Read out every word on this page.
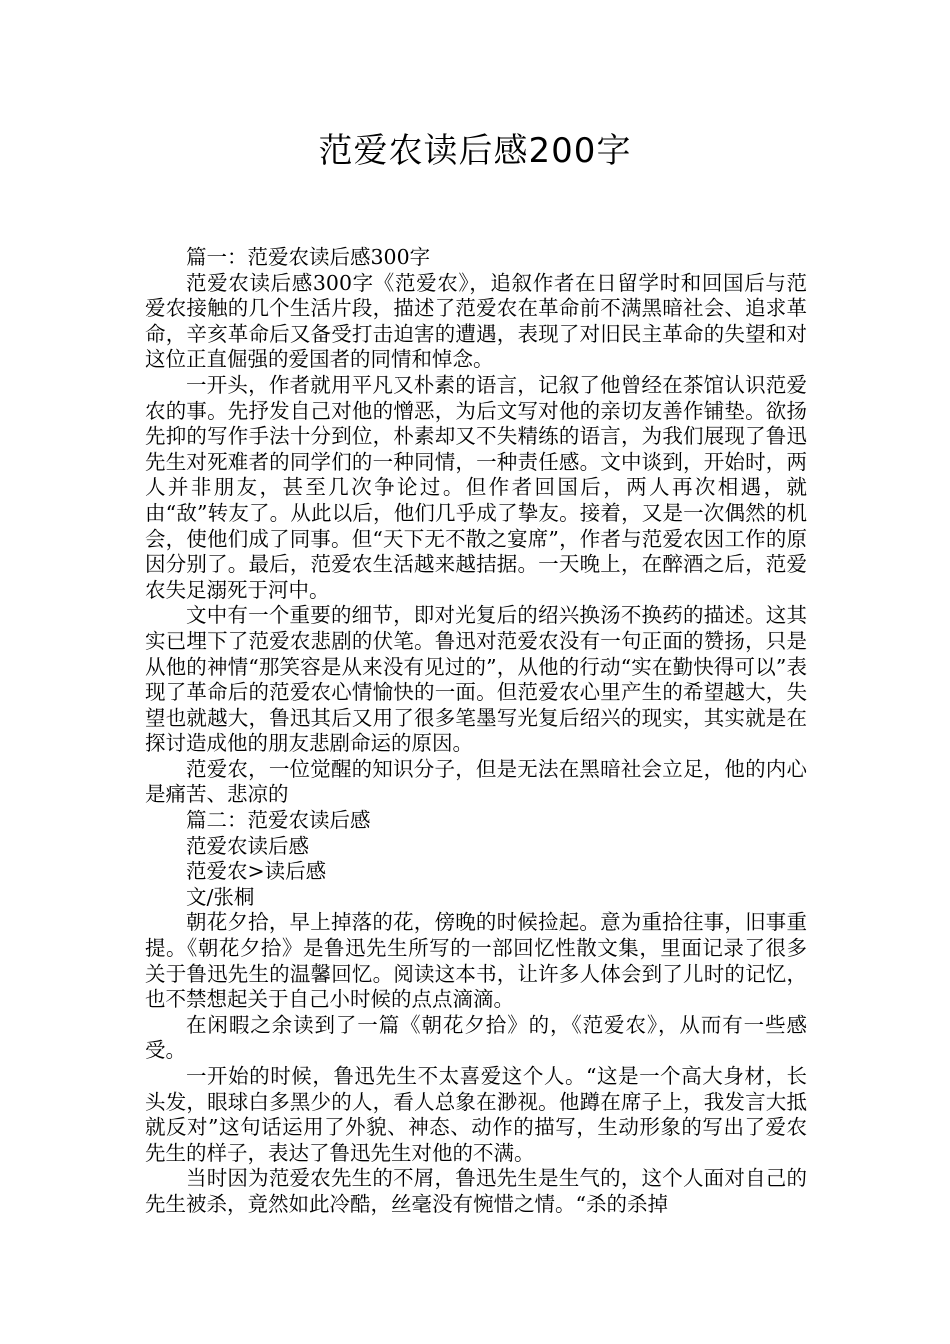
范爱农读后感200字

篇一：范爱农读后感300字

范爱农读后感300字《范爱农》，追叙作者在日留学时和回国后与范爱农接触的几个生活片段，描述了范爱农在革命前不满黑暗社会、追求革命，辛亥革命后又备受打击迫害的遭遇，表现了对旧民主革命的失望和对这位正直倔强的爱国者的同情和悼念。

一开头，作者就用平凡又朴素的语言，记叙了他曾经在茶馆认识范爱农的事。先抒发自己对他的憎恶，为后文写对他的亲切友善作铺垫。欲扬先抑的写作手法十分到位，朴素却又不失精练的语言，为我们展现了鲁迅先生对死难者的同学们的一种同情，一种责任感。文中谈到，开始时，两人并非朋友，甚至几次争论过。但作者回国后，两人再次相遇，就由“敌”转友了。从此以后，他们几乎成了挚友。接着，又是一次偶然的机会，使他们成了同事。但“天下无不散之宴席”，作者与范爱农因工作的原因分别了。最后，范爱农生活越来越拮据。一天晚上，在醉酒之后，范爱农失足溺死于河中。

文中有一个重要的细节，即对光复后的绍兴换汤不换药的描述。这其实已埋下了范爱农悲剧的伏笔。鲁迅对范爱农没有一句正面的赞扬，只是从他的神情“那笑容是从来没有见过的”，从他的行动“实在勤快得可以”表现了革命后的范爱农心情愉快的一面。但范爱农心里产生的希望越大，失望也就越大，鲁迅其后又用了很多笔墨写光复后绍兴的现实，其实就是在探讨造成他的朋友悲剧命运的原因。

范爱农，一位觉醒的知识分子，但是无法在黑暗社会立足，他的内心是痛苦、悲凉的

篇二：范爱农读后感

范爱农读后感

范爱农>读后感

文/张桐

朝花夕拾，早上掉落的花，傍晚的时候捡起。意为重拾往事，旧事重提。《朝花夕拾》是鲁迅先生所写的一部回忆性散文集，里面记录了很多关于鲁迅先生的温馨回忆。阅读这本书，让许多人体会到了儿时的记忆，也不禁想起关于自己小时候的点点滴滴。

在闲暇之余读到了一篇《朝花夕拾》的，《范爱农》，从而有一些感受。

一开始的时候，鲁迅先生不太喜爱这个人。“这是一个高大身材，长头发，眼球白多黑少的人，看人总象在渺视。他蹲在席子上，我发言大抵就反对”这句话运用了外貌、神态、动作的描写，生动形象的写出了爱农先生的样子，表达了鲁迅先生对他的不满。

当时因为范爱农先生的不屑，鲁迅先生是生气的，这个人面对自己的先生被杀，竟然如此冷酷，丝毫没有惋惜之情。“杀的杀掉
